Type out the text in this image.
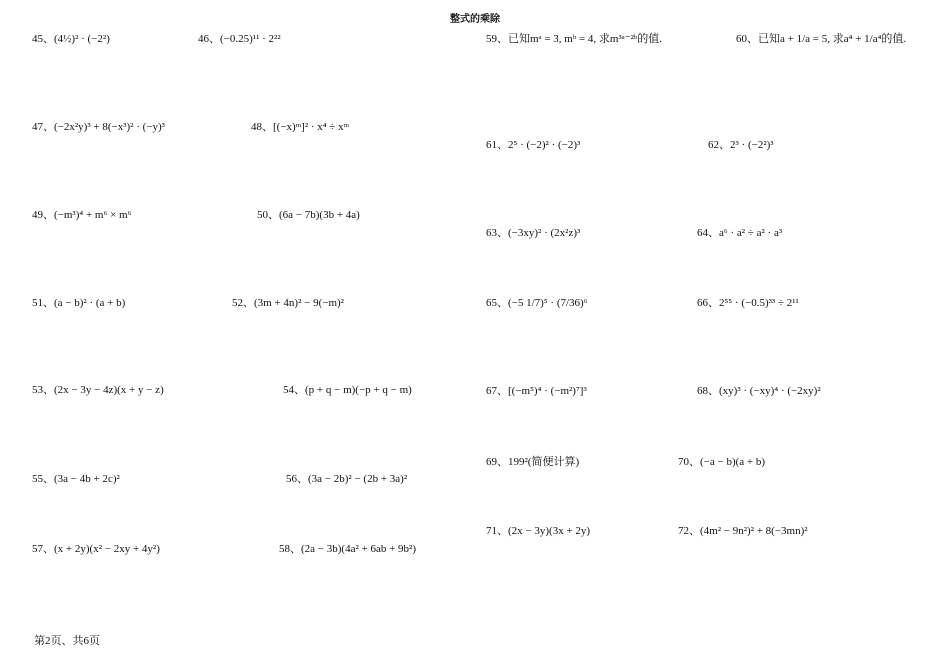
整式的乘除
45、(4½)² · (−2²)	46、(−0.25)¹¹ · 2²²
47、(−2x²y)³ + 8(−x³)² · (−y)³	48、[(−x)ᵐ]² · x⁴ ÷ xᵐ
49、(−m³)⁴ + m⁶ × m⁶	50、(6a − 7b)(3b + 4a)
51、(a − b)² · (a + b)	52、(3m + 4n)² − 9(−m)²
53、(2x − 3y − 4z)(x + y − z)	54、(p + q − m)(−p + q − m)
55、(3a − 4b + 2c)²	56、(3a − 2b)² − (2b + 3a)²
57、(x + 2y)(x² − 2xy + 4y²)	58、(2a − 3b)(4a² + 6ab + 9b²)
59、已知mᵃ = 3, mᵇ = 4, 求m³ᵃ⁻²ᵇ的值.	60、已知a + 1/a = 5, 求a⁴ + 1/a⁴的值.
61、2⁵ · (−2)² · (−2)³	62、2³ · (−2²)³
63、(−3xy)² · (2x²z)³	64、a⁶ · a² ÷ a² · a³
65、(−5 1/7)⁵ · (7/36)⁶	66、2⁵⁵ · (−0.5)³³ ÷ 2¹¹
67、[(−m⁵)⁴ · (−m²)⁷]³	68、(xy)³ · (−xy)⁴ · (−2xy)²
69、199²(简便计算)	70、(−a − b)(a + b)
71、(2x − 3y)(3x + 2y)	72、(4m² − 9n²)² + 8(−3mn)²
第2页、共6页
